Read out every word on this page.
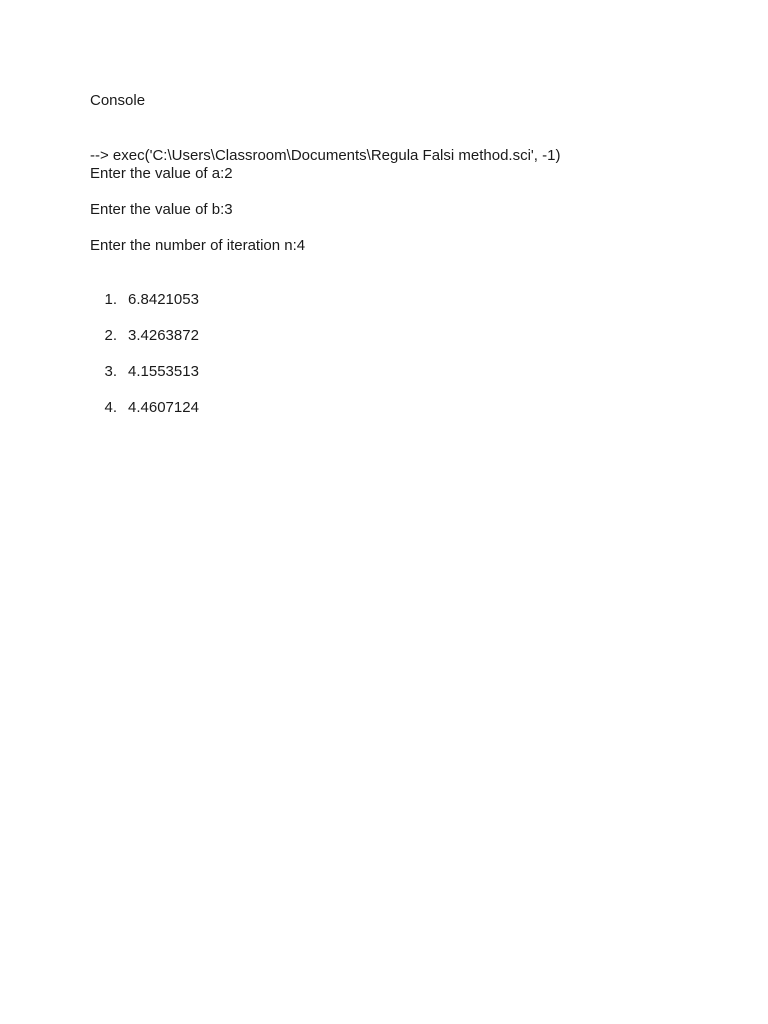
Console
--> exec('C:\Users\Classroom\Documents\Regula Falsi method.sci', -1)
Enter the value of a:2
Enter the value of b:3
Enter the number of iteration n:4
1. 6.8421053
2. 3.4263872
3. 4.1553513
4. 4.4607124
